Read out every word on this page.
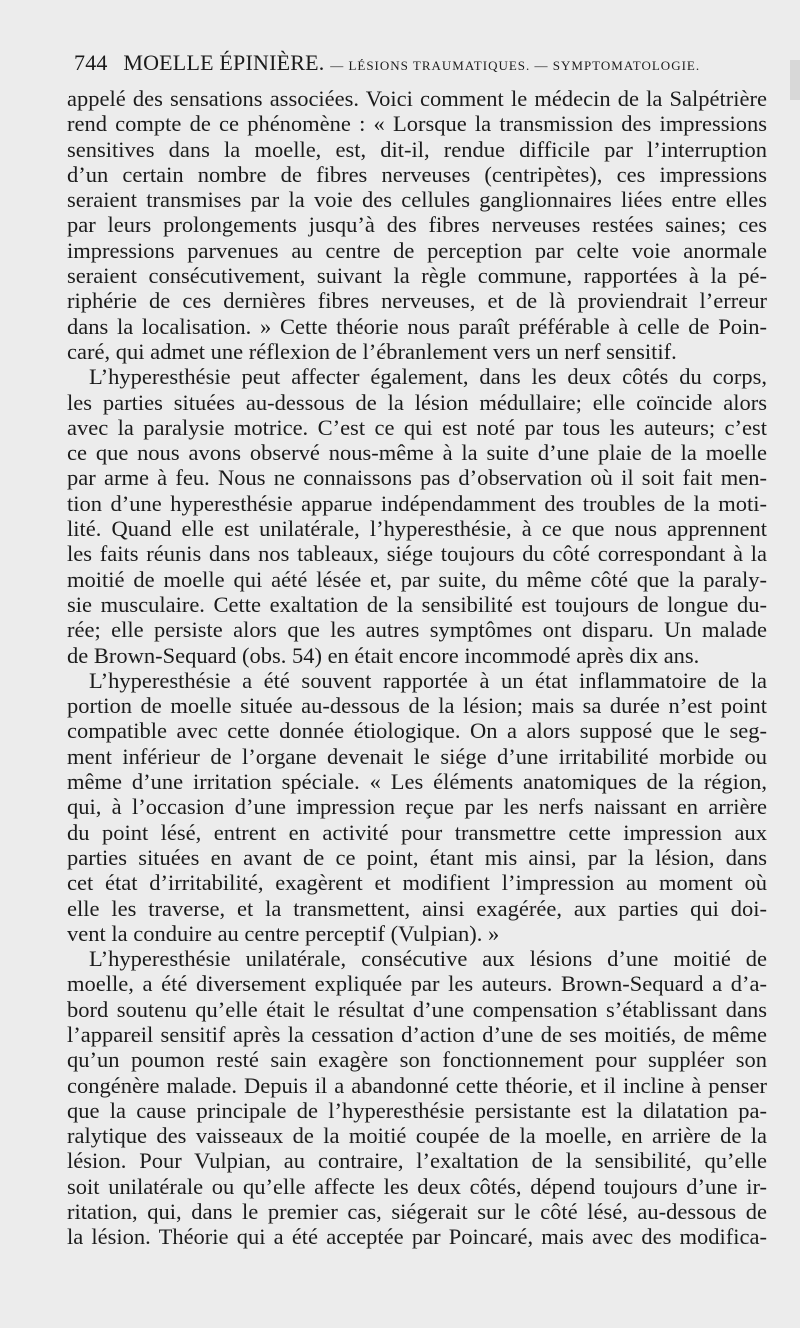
744 MOELLE ÉPINIÈRE. — LÉSIONS TRAUMATIQUES. — SYMPTOMATOLOGIE.
appelé des sensations associées. Voici comment le médecin de la Salpétrière
rend compte de ce phénomène : « Lorsque la transmission des impressions
sensitives dans la moelle, est, dit-il, rendue difficile par l’interruption
d’un certain nombre de fibres nerveuses (centripètes), ces impressions
seraient transmises par la voie des cellules ganglionnaires liées entre elles
par leurs prolongements jusqu’à des fibres nerveuses restées saines; ces
impressions parvenues au centre de perception par celte voie anormale
seraient consécutivement, suivant la règle commune, rapportées à la pé-
riphérie de ces dernières fibres nerveuses, et de là proviendrait l’erreur
dans la localisation. » Cette théorie nous paraît préférable à celle de Poin-
caré, qui admet une réflexion de l’ébranlement vers un nerf sensitif.
L’hyperesthésie peut affecter également, dans les deux côtés du corps,
les parties situées au-dessous de la lésion médullaire; elle coïncide alors
avec la paralysie motrice. C’est ce qui est noté par tous les auteurs; c’est
ce que nous avons observé nous-même à la suite d’une plaie de la moelle
par arme à feu. Nous ne connaissons pas d’observation où il soit fait men-
tion d’une hyperesthésie apparue indépendamment des troubles de la moti-
lité. Quand elle est unilatérale, l’hyperesthésie, à ce que nous apprennent
les faits réunis dans nos tableaux, siége toujours du côté correspondant à la
moitié de moelle qui aété lésée et, par suite, du même côté que la paraly-
sie musculaire. Cette exaltation de la sensibilité est toujours de longue du-
rée; elle persiste alors que les autres symptômes ont disparu. Un malade
de Brown-Sequard (obs. 54) en était encore incommodé après dix ans.
L’hyperesthésie a été souvent rapportée à un état inflammatoire de la
portion de moelle située au-dessous de la lésion; mais sa durée n’est point
compatible avec cette donnée étiologique. On a alors supposé que le seg-
ment inférieur de l’organe devenait le siége d’une irritabilité morbide ou
même d’une irritation spéciale. « Les éléments anatomiques de la région,
qui, à l’occasion d’une impression reçue par les nerfs naissant en arrière
du point lésé, entrent en activité pour transmettre cette impression aux
parties situées en avant de ce point, étant mis ainsi, par la lésion, dans
cet état d’irritabilité, exagèrent et modifient l’impression au moment où
elle les traverse, et la transmettent, ainsi exagérée, aux parties qui doi-
vent la conduire au centre perceptif (Vulpian). »
L’hyperesthésie unilatérale, consécutive aux lésions d’une moitié de
moelle, a été diversement expliquée par les auteurs. Brown-Sequard a d’a-
bord soutenu qu’elle était le résultat d’une compensation s’établissant dans
l’appareil sensitif après la cessation d’action d’une de ses moitiés, de même
qu’un poumon resté sain exagère son fonctionnement pour suppléer son
congénère malade. Depuis il a abandonné cette théorie, et il incline à penser
que la cause principale de l’hyperesthésie persistante est la dilatation pa-
ralytique des vaisseaux de la moitié coupée de la moelle, en arrière de la
lésion. Pour Vulpian, au contraire, l’exaltation de la sensibilité, qu’elle
soit unilatérale ou qu’elle affecte les deux côtés, dépend toujours d’une ir-
ritation, qui, dans le premier cas, siégerait sur le côté lésé, au-dessous de
la lésion. Théorie qui a été acceptée par Poincaré, mais avec des modifica-
